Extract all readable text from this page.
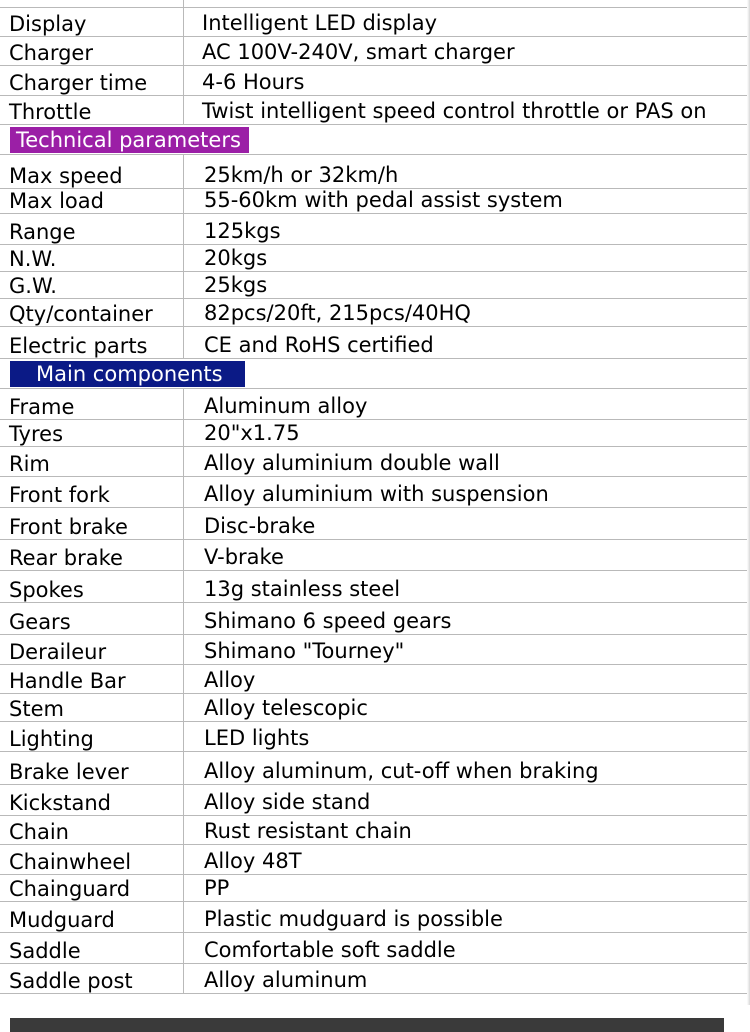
Display	Intelligent LED display
Charger	AC 100V-240V, smart charger
Charger time	4-6 Hours
Throttle	Twist intelligent speed control throttle or PAS on
Technical parameters
Max speed	25km/h or 32km/h
Max load	55-60km with pedal assist system
Range	125kgs
N.W.	20kgs
G.W.	25kgs
Qty/container	82pcs/20ft, 215pcs/40HQ
Electric parts	CE and RoHS certified
Main components
Frame	Aluminum alloy
Tyres	20"x1.75
Rim	Alloy aluminium double wall
Front fork	Alloy aluminium with suspension
Front brake	Disc-brake
Rear brake	V-brake
Spokes	13g stainless steel
Gears	Shimano 6 speed gears
Deraileur	Shimano "Tourney"
Handle Bar	Alloy
Stem	Alloy telescopic
Lighting	LED lights
Brake lever	Alloy aluminum, cut-off when braking
Kickstand	Alloy side stand
Chain	Rust resistant chain
Chainwheel	Alloy 48T
Chainguard	PP
Mudguard	Plastic mudguard is possible
Saddle	Comfortable soft saddle
Saddle post	Alloy aluminum
